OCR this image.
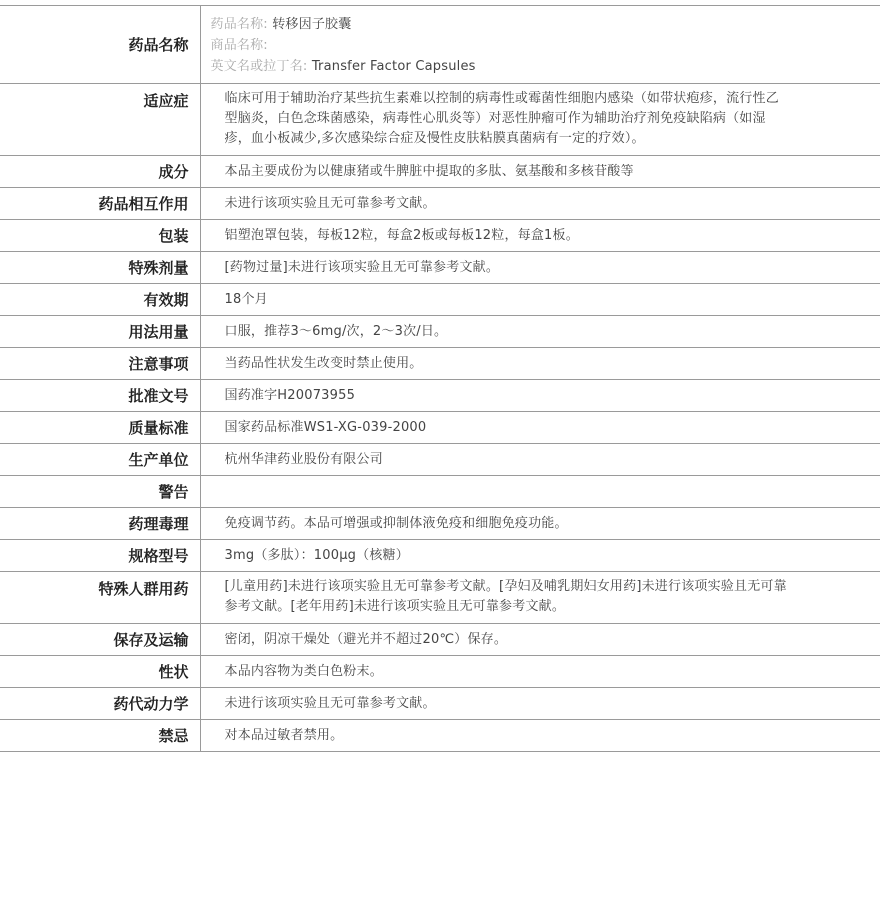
药品名称	药品名称: 转移因子胶囊
商品名称:
英文名或拉丁名: Transfer Factor Capsules

适应症	临床可用于辅助治疗某些抗生素难以控制的病毒性或霉菌性细胞内感染（如带状疱疹，流行性乙型脑炎，白色念珠菌感染，病毒性心肌炎等）对恶性肿瘤可作为辅助治疗剂免疫缺陷病（如湿疹，血小板减少,多次感染综合症及慢性皮肤粘膜真菌病有一定的疗效）。
成分	本品主要成份为以健康猪或牛脾脏中提取的多肽、氨基酸和多核苷酸等
药品相互作用	未进行该项实验且无可靠参考文献。
包装	铝塑泡罩包装，每板12粒，每盒2板或每板12粒，每盒1板。
特殊剂量	[药物过量]未进行该项实验且无可靠参考文献。
有效期	18个月
用法用量	口服，推荐3～6mg/次，2～3次/日。
注意事项	当药品性状发生改变时禁止使用。
批准文号	国药准字H20073955
质量标准	国家药品标准WS1-XG-039-2000
生产单位	杭州华津药业股份有限公司
警告	
药理毒理	免疫调节药。本品可增强或抑制体液免疫和细胞免疫功能。
规格型号	3mg（多肽）：100μg（核糖）
特殊人群用药	[儿童用药]未进行该项实验且无可靠参考文献。[孕妇及哺乳期妇女用药]未进行该项实验且无可靠参考文献。[老年用药]未进行该项实验且无可靠参考文献。
保存及运输	密闭，阴凉干燥处（避光并不超过20℃）保存。
性状	本品内容物为类白色粉末。
药代动力学	未进行该项实验且无可靠参考文献。
禁忌	对本品过敏者禁用。
